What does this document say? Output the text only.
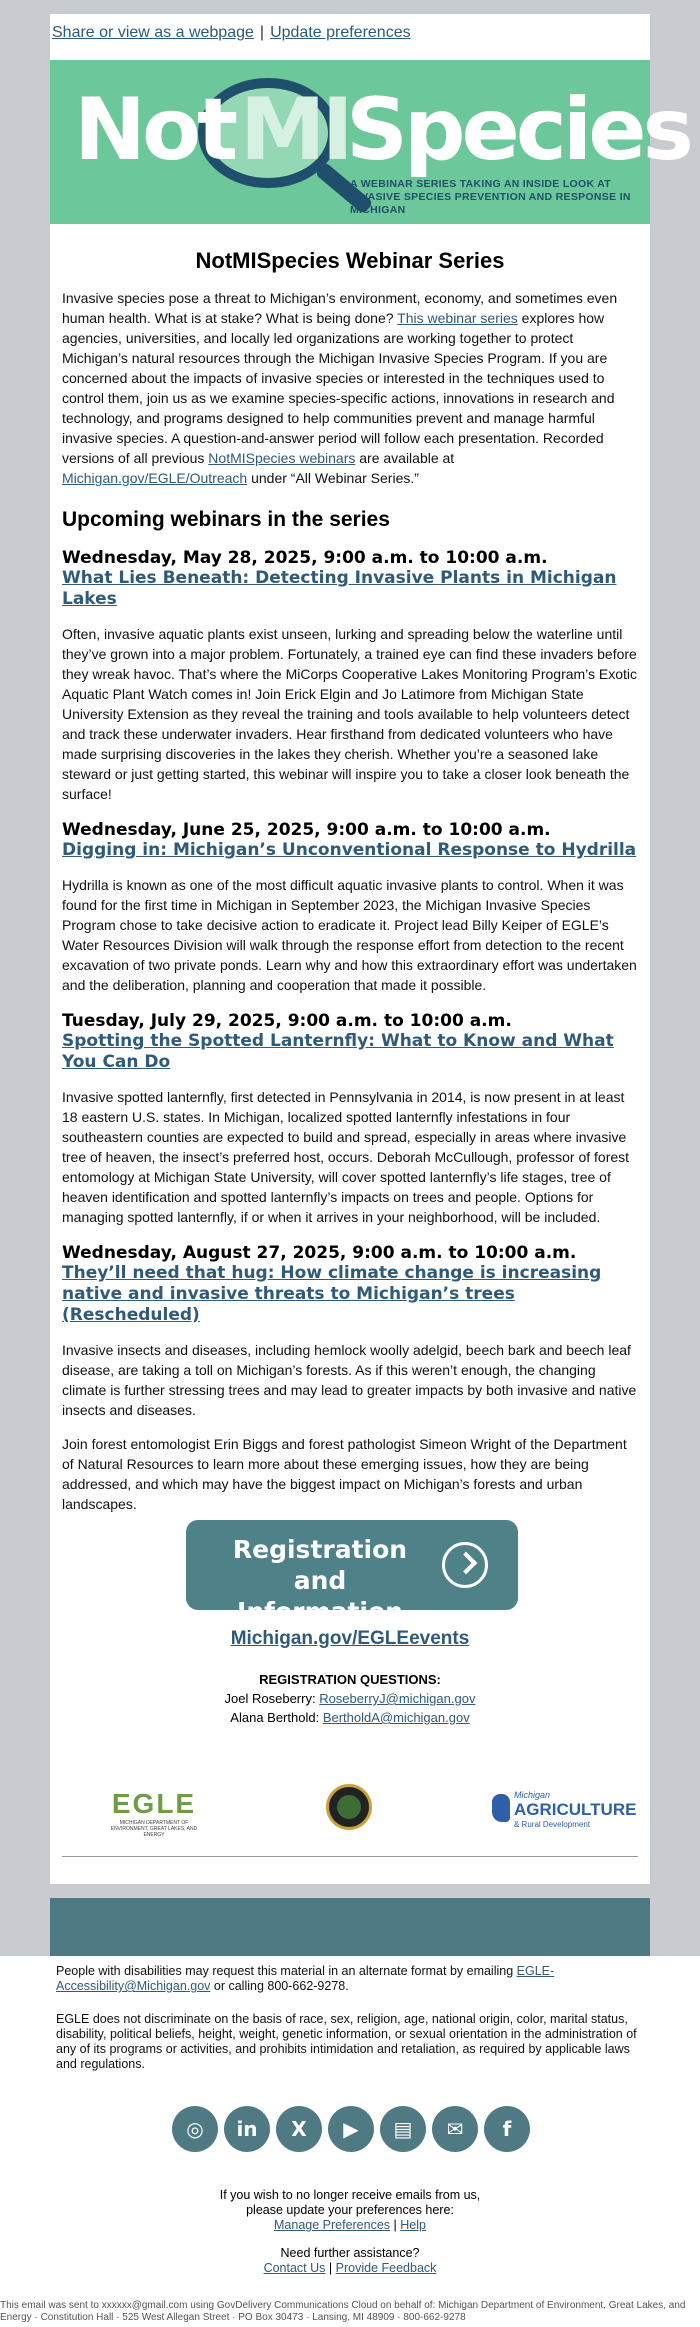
Share or view as a webpage | Update preferences
Not MI
Species
A WEBINAR SERIES TAKING AN INSIDE LOOK AT INVASIVE SPECIES PREVENTION AND RESPONSE IN MICHIGAN
NotMISpecies Webinar Series

Invasive species pose a threat to Michigan’s environment, economy, and sometimes even human health. What is at stake? What is being done? This webinar series explores how agencies, universities, and locally led organizations are working together to protect Michigan’s natural resources through the Michigan Invasive Species Program. If you are concerned about the impacts of invasive species or interested in the techniques used to control them, join us as we examine species-specific actions, innovations in research and technology, and programs designed to help communities prevent and manage harmful invasive species. A question-and-answer period will follow each presentation. Recorded versions of all previous NotMISpecies webinars are available at
Michigan.gov/EGLE/Outreach under “All Webinar Series.”

Upcoming webinars in the series
Wednesday, May 28, 2025, 9:00 a.m. to 10:00 a.m.
What Lies Beneath: Detecting Invasive Plants in Michigan Lakes

Often, invasive aquatic plants exist unseen, lurking and spreading below the waterline until they’ve grown into a major problem. Fortunately, a trained eye can find these invaders before they wreak havoc. That’s where the MiCorps Cooperative Lakes Monitoring Program’s Exotic Aquatic Plant Watch comes in! Join Erick Elgin and Jo Latimore from Michigan State University Extension as they reveal the training and tools available to help volunteers detect and track these underwater invaders. Hear firsthand from dedicated volunteers who have made surprising discoveries in the lakes they cherish. Whether you’re a seasoned lake steward or just getting started, this webinar will inspire you to take a closer look beneath the surface!

Wednesday, June 25, 2025, 9:00 a.m. to 10:00 a.m.
Digging in: Michigan’s Unconventional Response to Hydrilla

Hydrilla is known as one of the most difficult aquatic invasive plants to control. When it was found for the first time in Michigan in September 2023, the Michigan Invasive Species Program chose to take decisive action to eradicate it. Project lead Billy Keiper of EGLE’s Water Resources Division will walk through the response effort from detection to the recent excavation of two private ponds. Learn why and how this extraordinary effort was undertaken and the deliberation, planning and cooperation that made it possible.

Tuesday, July 29, 2025, 9:00 a.m. to 10:00 a.m.
Spotting the Spotted Lanternfly: What to Know and What You Can Do

Invasive spotted lanternfly, first detected in Pennsylvania in 2014, is now present in at least 18 eastern U.S. states. In Michigan, localized spotted lanternfly infestations in four southeastern counties are expected to build and spread, especially in areas where invasive tree of heaven, the insect’s preferred host, occurs. Deborah McCullough, professor of forest entomology at Michigan State University, will cover spotted lanternfly’s life stages, tree of heaven identification and spotted lanternfly’s impacts on trees and people. Options for managing spotted lanternfly, if or when it arrives in your neighborhood, will be included.

Wednesday, August 27, 2025, 9:00 a.m. to 10:00 a.m.
They’ll need that hug: How climate change is increasing native and invasive threats to Michigan’s trees (Rescheduled)

Invasive insects and diseases, including hemlock woolly adelgid, beech bark and beech leaf disease, are taking a toll on Michigan’s forests. As if this weren’t enough, the changing climate is further stressing trees and may lead to greater impacts by both invasive and native insects and diseases.

Join forest entomologist Erin Biggs and forest pathologist Simeon Wright of the Department of Natural Resources to learn more about these emerging issues, how they are being addressed, and which may have the biggest impact on Michigan’s forests and urban landscapes.

Registration and Information
Michigan.gov/EGLEevents
REGISTRATION QUESTIONS:
Joel Roseberry: RoseberryJ@michigan.gov
Alana Berthold: BertholdA@michigan.gov
EGLE
MICHIGAN DEPARTMENT OF ENVIRONMENT, GREAT LAKES, AND ENERGY
Michigan
AGRICULTURE
& Rural Development

People with disabilities may request this material in an alternate format by emailing EGLE-Accessibility@Michigan.gov or calling 800-662-9278.

EGLE does not discriminate on the basis of race, sex, religion, age, national origin, color, marital status, disability, political beliefs, height, weight, genetic information, or sexual orientation in the administration of any of its programs or activities, and prohibits intimidation and retaliation, as required by applicable laws and regulations.

◎	in	X	▶	▤	✉	f
If you wish to no longer receive emails from us,
please update your preferences here:
Manage Preferences | Help
Need further assistance?
Contact Us | Provide Feedback
This email was sent to xxxxxx@gmail.com using GovDelivery Communications Cloud on behalf of: Michigan Department of Environment, Great Lakes, and Energy · Constitution Hall · 525 West Allegan Street · PO Box 30473 · Lansing, MI 48909 · 800-662-9278
